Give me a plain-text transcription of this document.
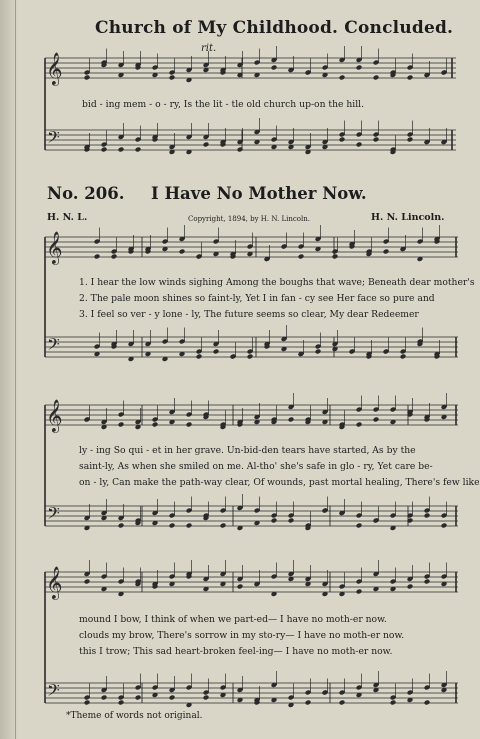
Church of My Childhood. Concluded.
rit.
𝄞
𝄢
𝄞
𝄢
𝄞
𝄢
𝄞
𝄢
bid - ing mem - o - ry, Is the lit - tle old church up-on the hill.
No. 206. I Have No Mother Now.
H. N. L.	Copyright, 1894, by H. N. Lincoln.	H. N. Lincoln.
1. I hear the low winds sighing Among the boughs that wave; Beneath dear mother's
2. The pale moon shines so faint-ly, Yet I in fan - cy see Her face so pure and
3. I feel so ver - y lone - ly, The future seems so clear, My dear Redeemer
ly - ing So qui - et in her grave. Un-bid-den tears have started, As by the
saint-ly, As when she smiled on me. Al-tho' she's safe in glo - ry, Yet care be-
on - ly, Can make the path-way clear, Of wounds, past mortal healing, There's few like
mound I bow, I think of when we part-ed— I have no moth-er now.
clouds my brow, There's sorrow in my sto-ry— I have no moth-er now.
this I trow; This sad heart-broken feel-ing— I have no moth-er now.
*Theme of words not original.
